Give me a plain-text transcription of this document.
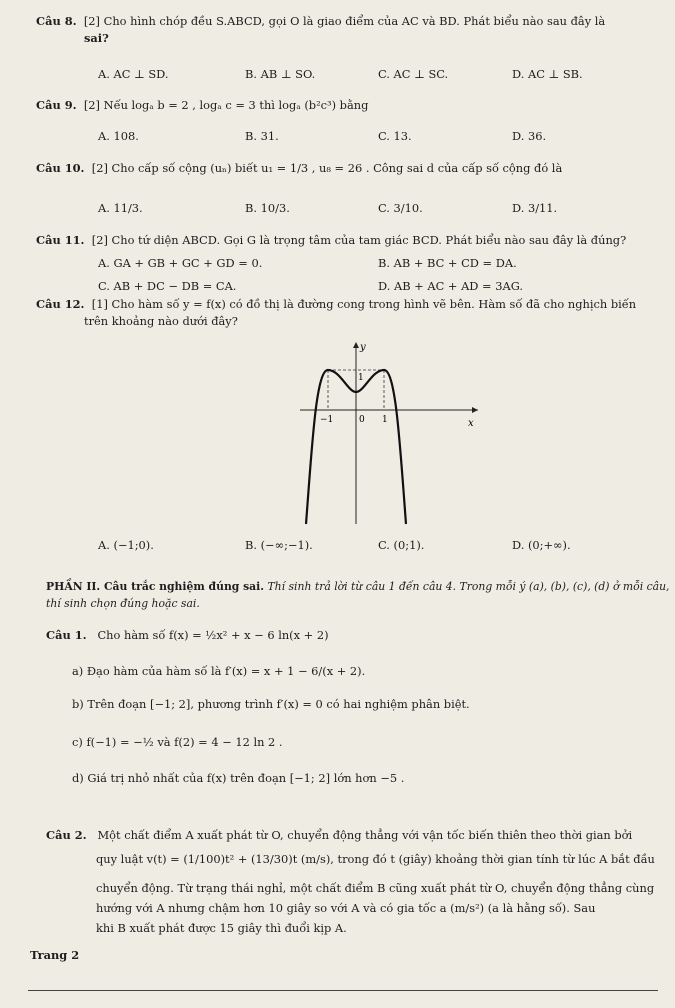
Câu 8. [2] Cho hình chóp đều S.ABCD, gọi O là giao điểm của AC và BD. Phát biểu nào sau đây là
sai?
A. AC ⊥ SD.	B. AB ⊥ SO.	C. AC ⊥ SC.	D. AC ⊥ SB.
Câu 9. [2] Nếu logₐ b = 2 , logₐ c = 3 thì logₐ (b²c³) bằng
A. 108.	B. 31.	C. 13.	D. 36.
Câu 10. [2] Cho cấp số cộng (uₙ) biết u₁ = 1/3 , u₈ = 26 . Công sai d của cấp số cộng đó là
A. 11/3.	B. 10/3.	C. 3/10.	D. 3/11.
Câu 11. [2] Cho tứ diện ABCD. Gọi G là trọng tâm của tam giác BCD. Phát biểu nào sau đây là đúng?
A. GA + GB + GC + GD = 0.	B. AB + BC + CD = DA.
C. AB + DC − DB = CA.	D. AB + AC + AD = 3AG.
Câu 12. [1] Cho hàm số y = f(x) có đồ thị là đường cong trong hình vẽ bên. Hàm số đã cho nghịch biến
trên khoảng nào dưới đây?
y
x
−1	0 1
1
A. (−1;0).	B. (−∞;−1).	C. (0;1).	D. (0;+∞).
PHẦN II. Câu trắc nghiệm đúng sai. Thí sinh trả lời từ câu 1 đến câu 4. Trong mỗi ý (a), (b), (c), (d) ở mỗi câu,
thí sinh chọn đúng hoặc sai.
Câu 1. Cho hàm số f(x) = ½x² + x − 6 ln(x + 2)
a) Đạo hàm của hàm số là f′(x) = x + 1 − 6/(x + 2).
b) Trên đoạn [−1; 2], phương trình f′(x) = 0 có hai nghiệm phân biệt.
c) f(−1) = −½ và f(2) = 4 − 12 ln 2 .
d) Giá trị nhỏ nhất của f(x) trên đoạn [−1; 2] lớn hơn −5 .
Câu 2. Một chất điểm A xuất phát từ O, chuyển động thẳng với vận tốc biến thiên theo thời gian bởi
quy luật v(t) = (1/100)t² + (13/30)t (m/s), trong đó t (giây) khoảng thời gian tính từ lúc A bắt đầu
chuyển động. Từ trạng thái nghỉ, một chất điểm B cũng xuất phát từ O, chuyển động thẳng cùng
hướng với A nhưng chậm hơn 10 giây so với A và có gia tốc a (m/s²) (a là hằng số). Sau
khi B xuất phát được 15 giây thì đuổi kịp A.
Trang 2
